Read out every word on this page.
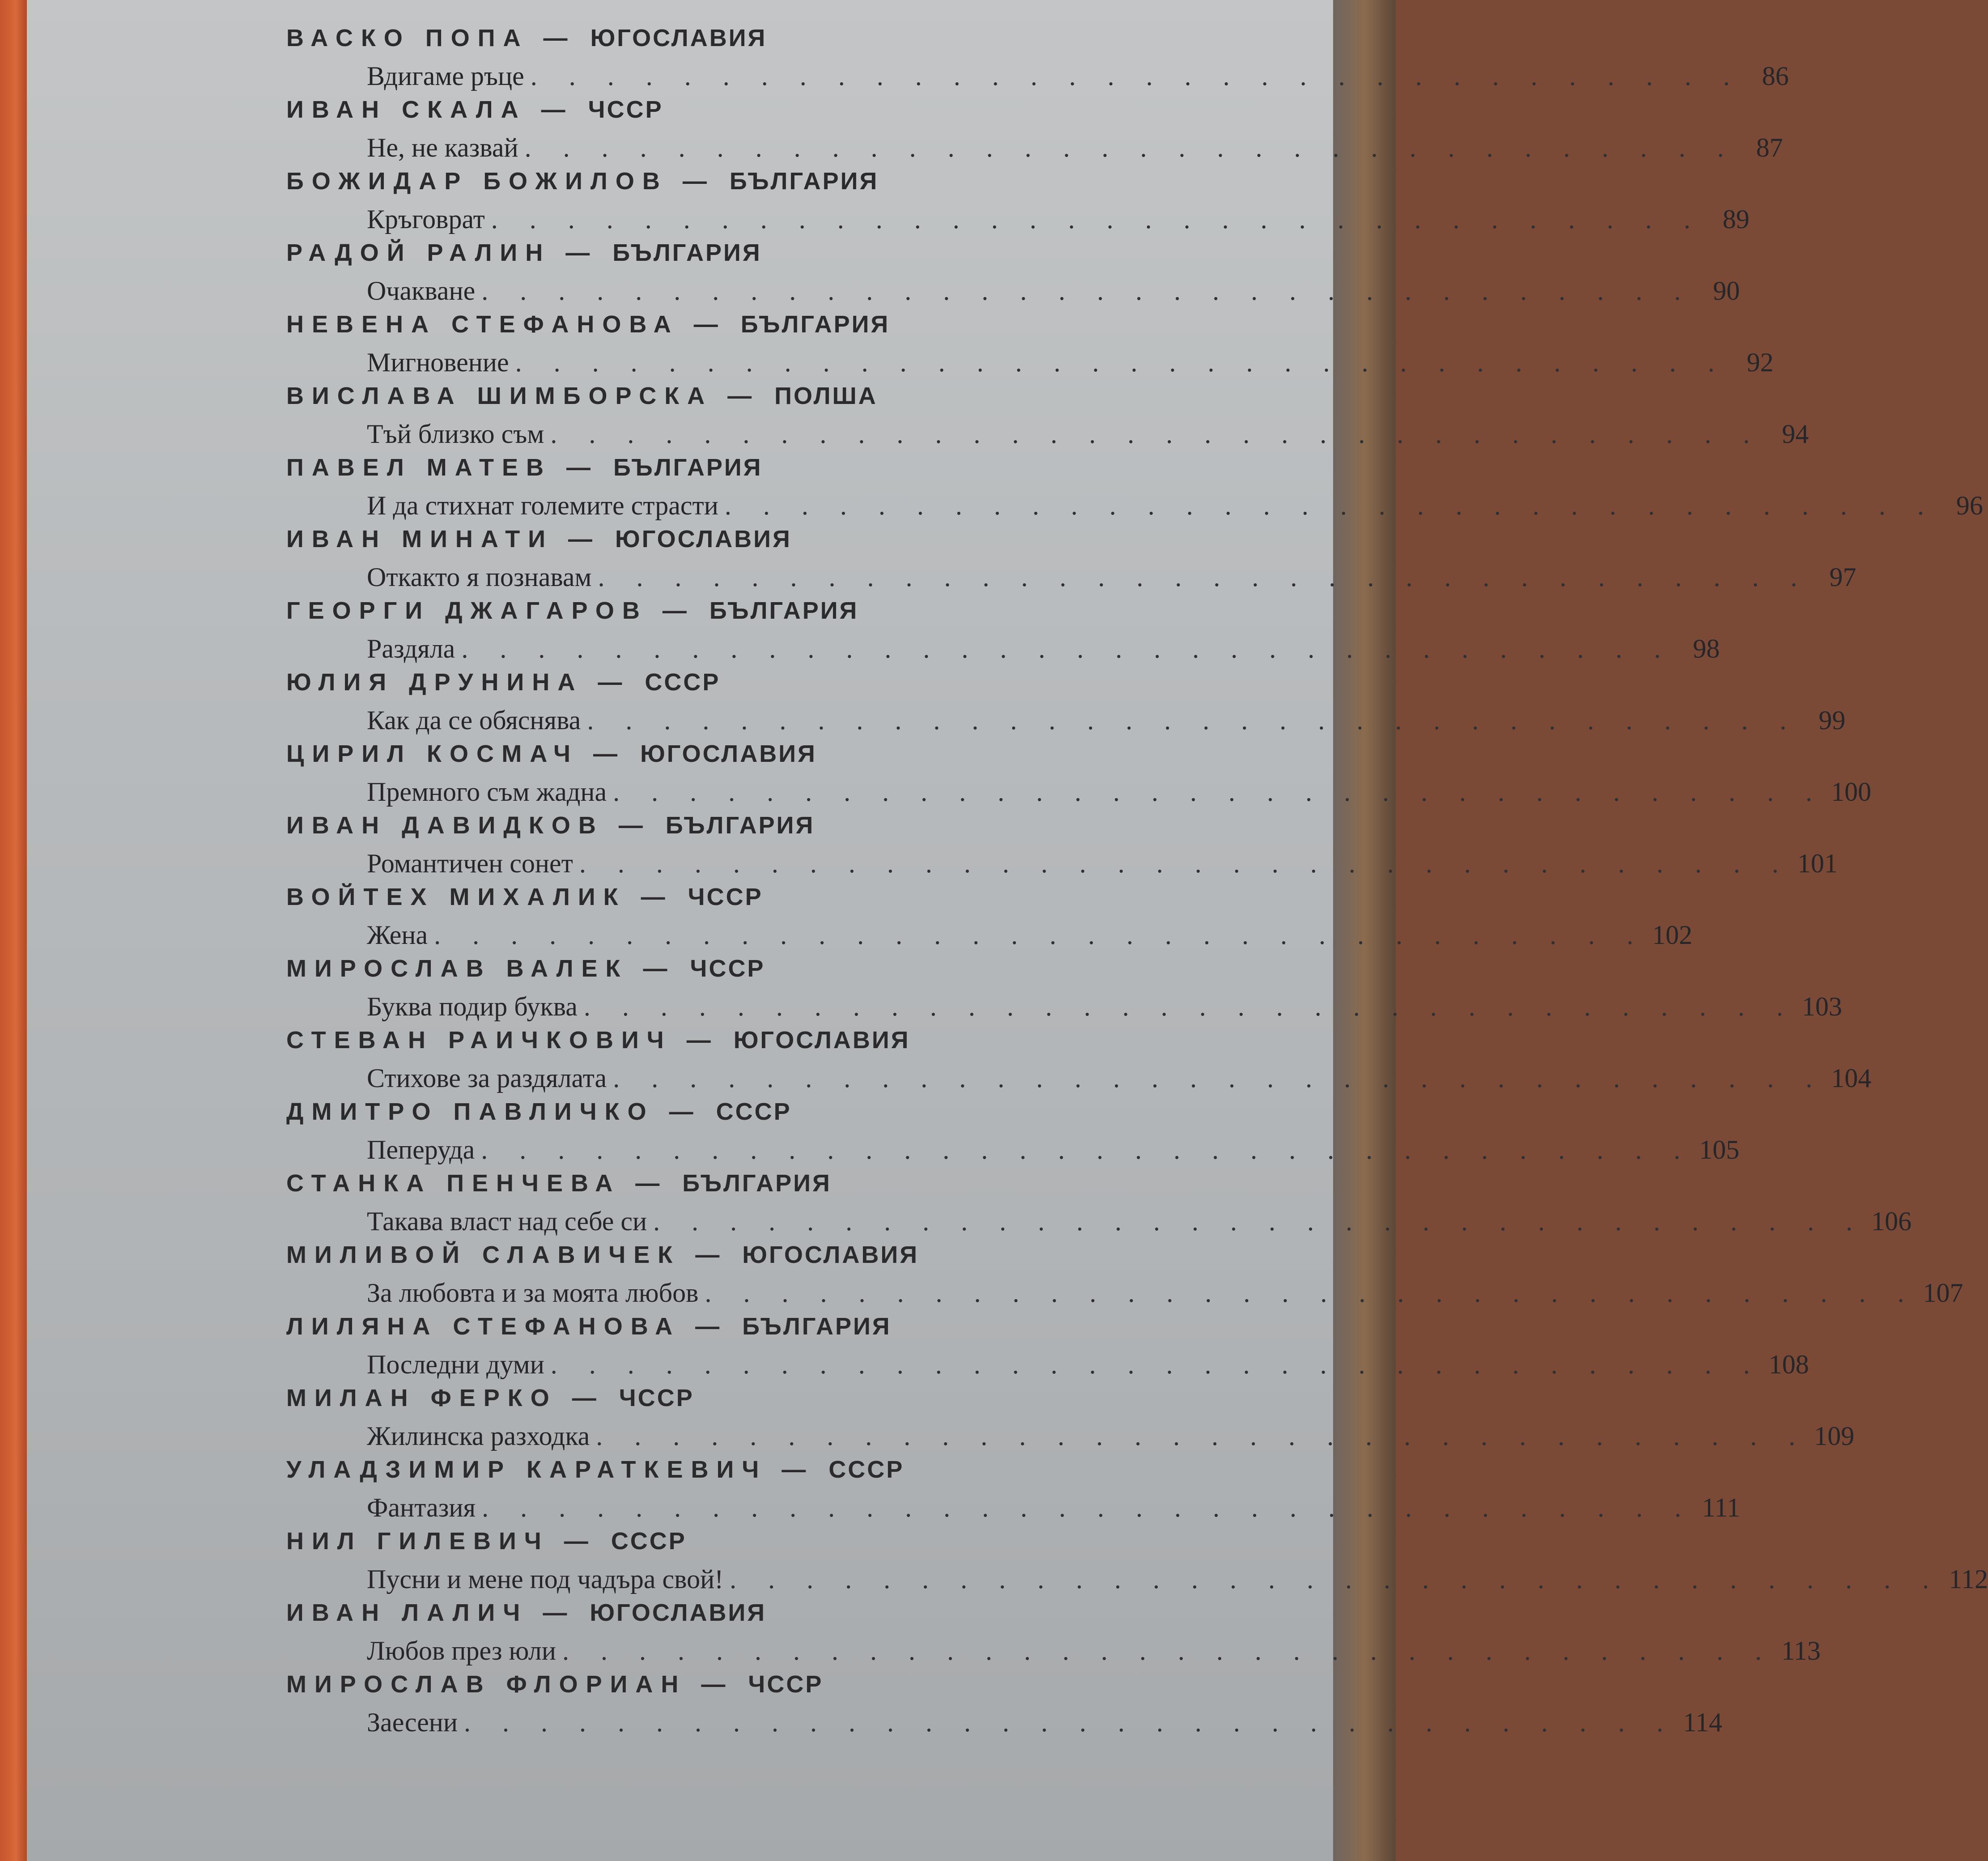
ВАСКО ПОПА — ЮГОСЛАВИЯ
Вдигаме ръце . . . . . . . . . . . . . . . . . . . . . . . . . . . . . . . . 86
ИВАН СКАЛА — ЧССР
Не, не казвай . . . . . . . . . . . . . . . . . . . . . . . . . . . . . . . . 87
БОЖИДАР БОЖИЛОВ — БЪЛГАРИЯ
Кръговрат . . . . . . . . . . . . . . . . . . . . . . . . . . . . . . . . 89
РАДОЙ РАЛИН — БЪЛГАРИЯ
Очакване . . . . . . . . . . . . . . . . . . . . . . . . . . . . . . . . 90
НЕВЕНА СТЕФАНОВА — БЪЛГАРИЯ
Мигновение . . . . . . . . . . . . . . . . . . . . . . . . . . . . . . . . 92
ВИСЛАВА ШИМБОРСКА — ПОЛША
Тъй близко съм . . . . . . . . . . . . . . . . . . . . . . . . . . . . . . . . 94
ПАВЕЛ МАТЕВ — БЪЛГАРИЯ
И да стихнат големите страсти . . . . . . . . . . . . . . . . . . . . . . . . . . . . . . . . 96
ИВАН МИНАТИ — ЮГОСЛАВИЯ
Откакто я познавам . . . . . . . . . . . . . . . . . . . . . . . . . . . . . . . . 97
ГЕОРГИ ДЖАГАРОВ — БЪЛГАРИЯ
Раздяла . . . . . . . . . . . . . . . . . . . . . . . . . . . . . . . . 98
ЮЛИЯ ДРУНИНА — СССР
Как да се обяснява . . . . . . . . . . . . . . . . . . . . . . . . . . . . . . . . 99
ЦИРИЛ КОСМАЧ — ЮГОСЛАВИЯ
Премного съм жадна . . . . . . . . . . . . . . . . . . . . . . . . . . . . . . . . 100
ИВАН ДАВИДКОВ — БЪЛГАРИЯ
Романтичен сонет . . . . . . . . . . . . . . . . . . . . . . . . . . . . . . . . 101
ВОЙТЕХ МИХАЛИК — ЧССР
Жена . . . . . . . . . . . . . . . . . . . . . . . . . . . . . . . . 102
МИРОСЛАВ ВАЛЕК — ЧССР
Буква подир буква . . . . . . . . . . . . . . . . . . . . . . . . . . . . . . . . 103
СТЕВАН РАИЧКОВИЧ — ЮГОСЛАВИЯ
Стихове за раздялата . . . . . . . . . . . . . . . . . . . . . . . . . . . . . . . . 104
ДМИТРО ПАВЛИЧКО — СССР
Пеперуда . . . . . . . . . . . . . . . . . . . . . . . . . . . . . . . . 105
СТАНКА ПЕНЧЕВА — БЪЛГАРИЯ
Такава власт над себе си . . . . . . . . . . . . . . . . . . . . . . . . . . . . . . . . 106
МИЛИВОЙ СЛАВИЧЕК — ЮГОСЛАВИЯ
За любовта и за моята любов . . . . . . . . . . . . . . . . . . . . . . . . . . . . . . . . 107
ЛИЛЯНА СТЕФАНОВА — БЪЛГАРИЯ
Последни думи . . . . . . . . . . . . . . . . . . . . . . . . . . . . . . . . 108
МИЛАН ФЕРКО — ЧССР
Жилинска разходка . . . . . . . . . . . . . . . . . . . . . . . . . . . . . . . . 109
УЛАДЗИМИР КАРАТКЕВИЧ — СССР
Фантазия . . . . . . . . . . . . . . . . . . . . . . . . . . . . . . . . 111
НИЛ ГИЛЕВИЧ — СССР
Пусни и мене под чадъра свой! . . . . . . . . . . . . . . . . . . . . . . . . . . . . . . . . 112
ИВАН ЛАЛИЧ — ЮГОСЛАВИЯ
Любов през юли . . . . . . . . . . . . . . . . . . . . . . . . . . . . . . . . 113
МИРОСЛАВ ФЛОРИАН — ЧССР
Заесени . . . . . . . . . . . . . . . . . . . . . . . . . . . . . . . . 114
